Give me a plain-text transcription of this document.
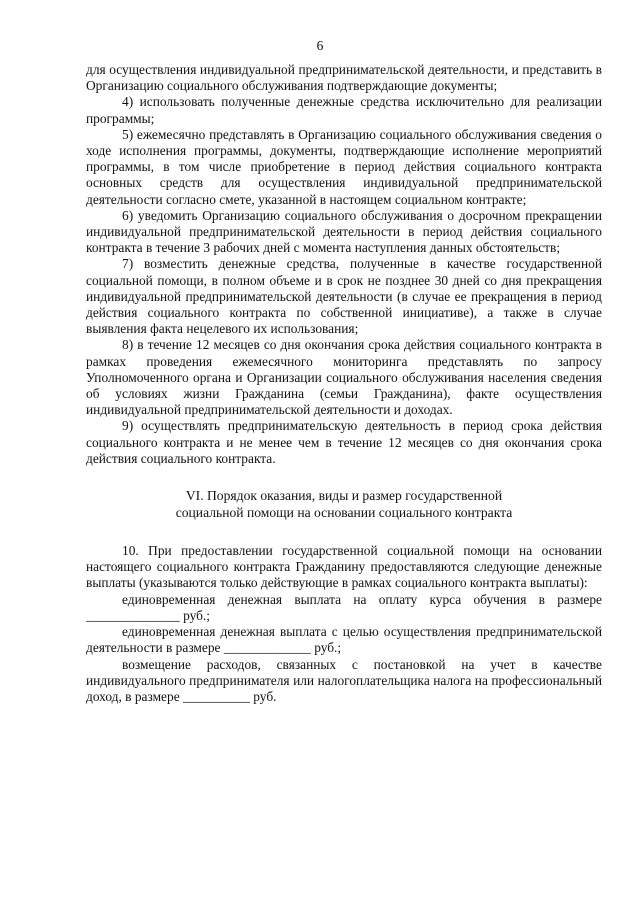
6

для осуществления индивидуальной предпринимательской деятельности, и представить в Организацию социального обслуживания подтверждающие документы;

4) использовать полученные денежные средства исключительно для реализации программы;

5) ежемесячно представлять в Организацию социального обслуживания сведения о ходе исполнения программы, документы, подтверждающие исполнение мероприятий программы, в том числе приобретение в период действия социального контракта основных средств для осуществления индивидуальной предпринимательской деятельности согласно смете, указанной в настоящем социальном контракте;

6) уведомить Организацию социального обслуживания о досрочном прекращении индивидуальной предпринимательской деятельности в период действия социального контракта в течение 3 рабочих дней с момента наступления данных обстоятельств;

7) возместить денежные средства, полученные в качестве государственной социальной помощи, в полном объеме и в срок не позднее 30 дней со дня прекращения индивидуальной предпринимательской деятельности (в случае ее прекращения в период действия социального контракта по собственной инициативе), а также в случае выявления факта нецелевого их использования;

8) в течение 12 месяцев со дня окончания срока действия социального контракта в рамках проведения ежемесячного мониторинга представлять по запросу Уполномоченного органа и Организации социального обслуживания населения сведения об условиях жизни Гражданина (семьи Гражданина), факте осуществления индивидуальной предпринимательской деятельности и доходах.

9) осуществлять предпринимательскую деятельность в период срока действия социального контракта и не менее чем в течение 12 месяцев со дня окончания срока действия социального контракта.

VI. Порядок оказания, виды и размер государственной

социальной помощи на основании социального контракта

10. При предоставлении государственной социальной помощи на основании настоящего социального контракта Гражданину предоставляются следующие денежные выплаты (указываются только действующие в рамках социального контракта выплаты):

единовременная денежная выплата на оплату курса обучения в размере ______________ руб.;

единовременная денежная выплата с целью осуществления предпринимательской деятельности в размере _____________ руб.;

возмещение расходов, связанных с постановкой на учет в качестве индивидуального предпринимателя или налогоплательщика налога на профессиональный доход, в размере __________ руб.
